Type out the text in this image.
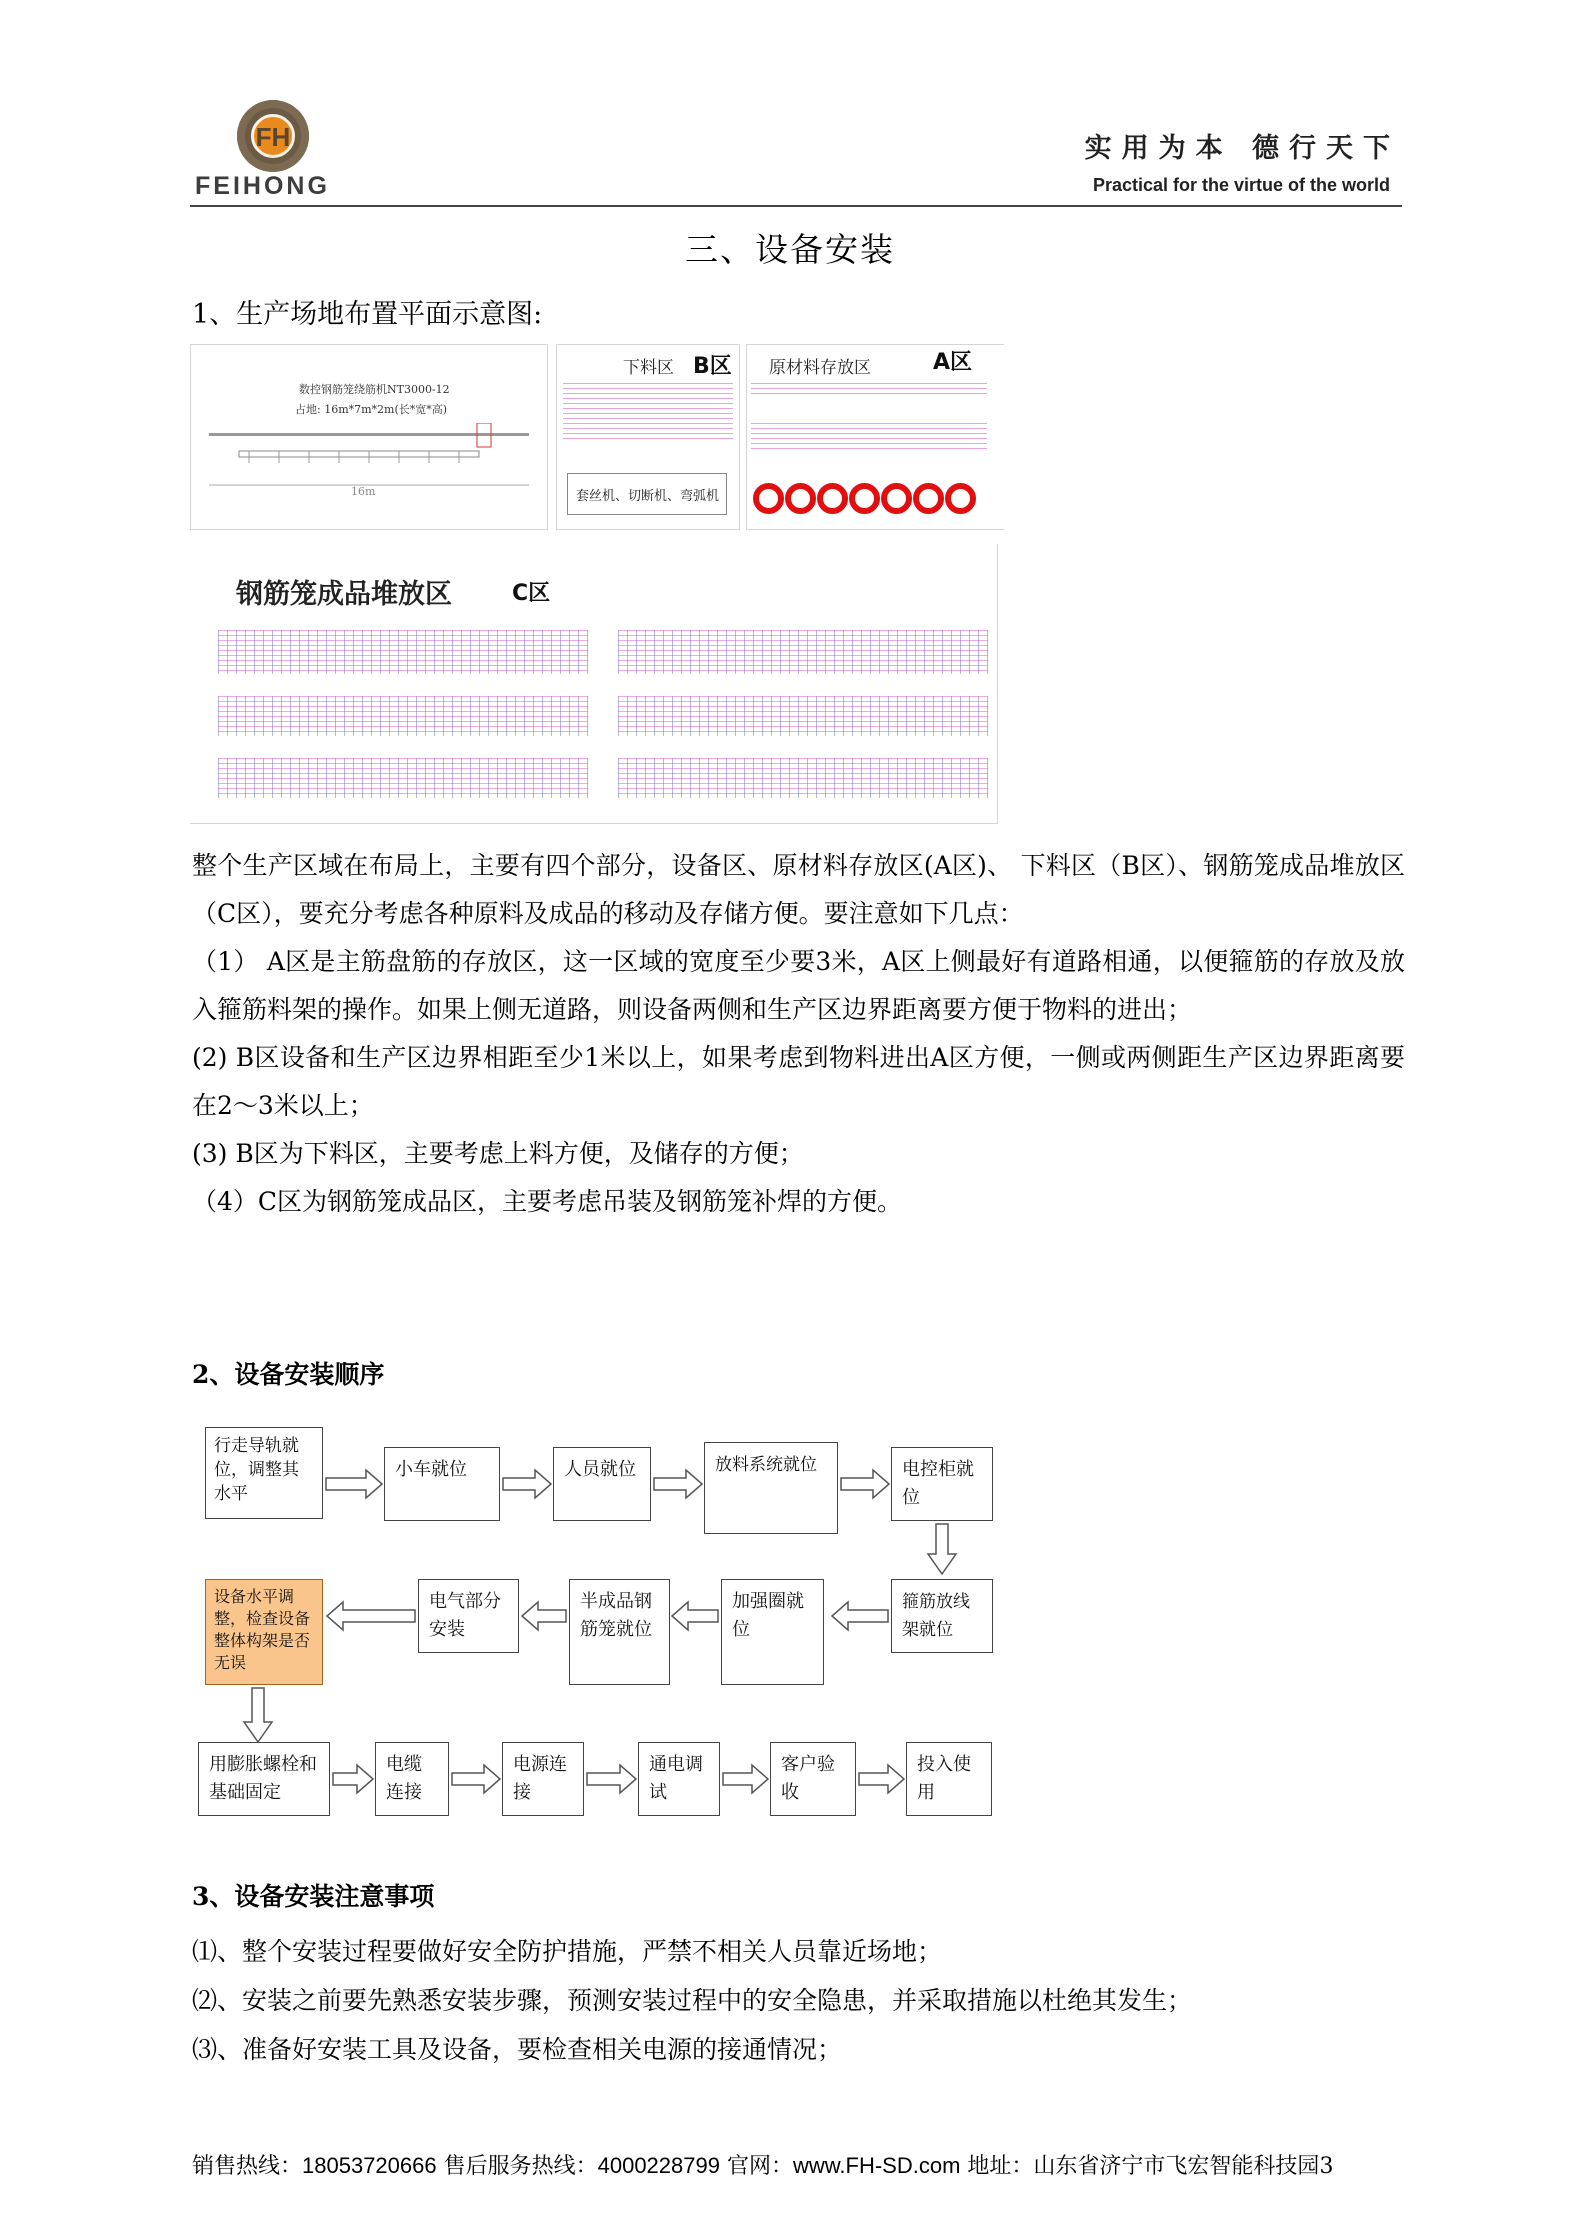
FH
FEIHONG
实用为本 德行天下
Practical for the virtue of the world
三、设备安装
1、生产场地布置平面示意图:
数控钢筋笼绕筋机NT3000-12
占地: 16m*7m*2m(长*宽*高)
16m
下料区 B区
套丝机、切断机、弯弧机
原材料存放区	A区
钢筋笼成品堆放区	C区

整个生产区域在布局上，主要有四个部分，设备区、原材料存放区(A区)、 下料区（B区）、钢筋笼成品堆放区（C区），要充分考虑各种原料及成品的移动及存储方便。要注意如下几点：

（1） A区是主筋盘筋的存放区，这一区域的宽度至少要3米，A区上侧最好有道路相通，以便箍筋的存放及放入箍筋料架的操作。如果上侧无道路，则设备两侧和生产区边界距离要方便于物料的进出；

(2) B区设备和生产区边界相距至少1米以上，如果考虑到物料进出A区方便，一侧或两侧距生产区边界距离要在2～3米以上；

(3) B区为下料区，主要考虑上料方便，及储存的方便；

（4）C区为钢筋笼成品区，主要考虑吊装及钢筋笼补焊的方便。

2、设备安装顺序
行走导轨就位，调整其水平
小车就位	人员就位	放料系统就位	电控柜就位
箍筋放线架就位
加强圈就位
半成品钢筋笼就位
电气部分安装
设备水平调整，检查设备整体构架是否无误
用膨胀螺栓和基础固定
电缆连接
电源连接
通电调试
客户验收
投入使用
3、设备安装注意事项
⑴、整个安装过程要做好安全防护措施，严禁不相关人员靠近场地；
⑵、安装之前要先熟悉安装步骤，预测安装过程中的安全隐患，并采取措施以杜绝其发生；
⑶、准备好安装工具及设备，要检查相关电源的接通情况；
销售热线：18053720666 售后服务热线：4000228799 官网：www.FH-SD.com 地址：山东省济宁市飞宏智能科技园3
